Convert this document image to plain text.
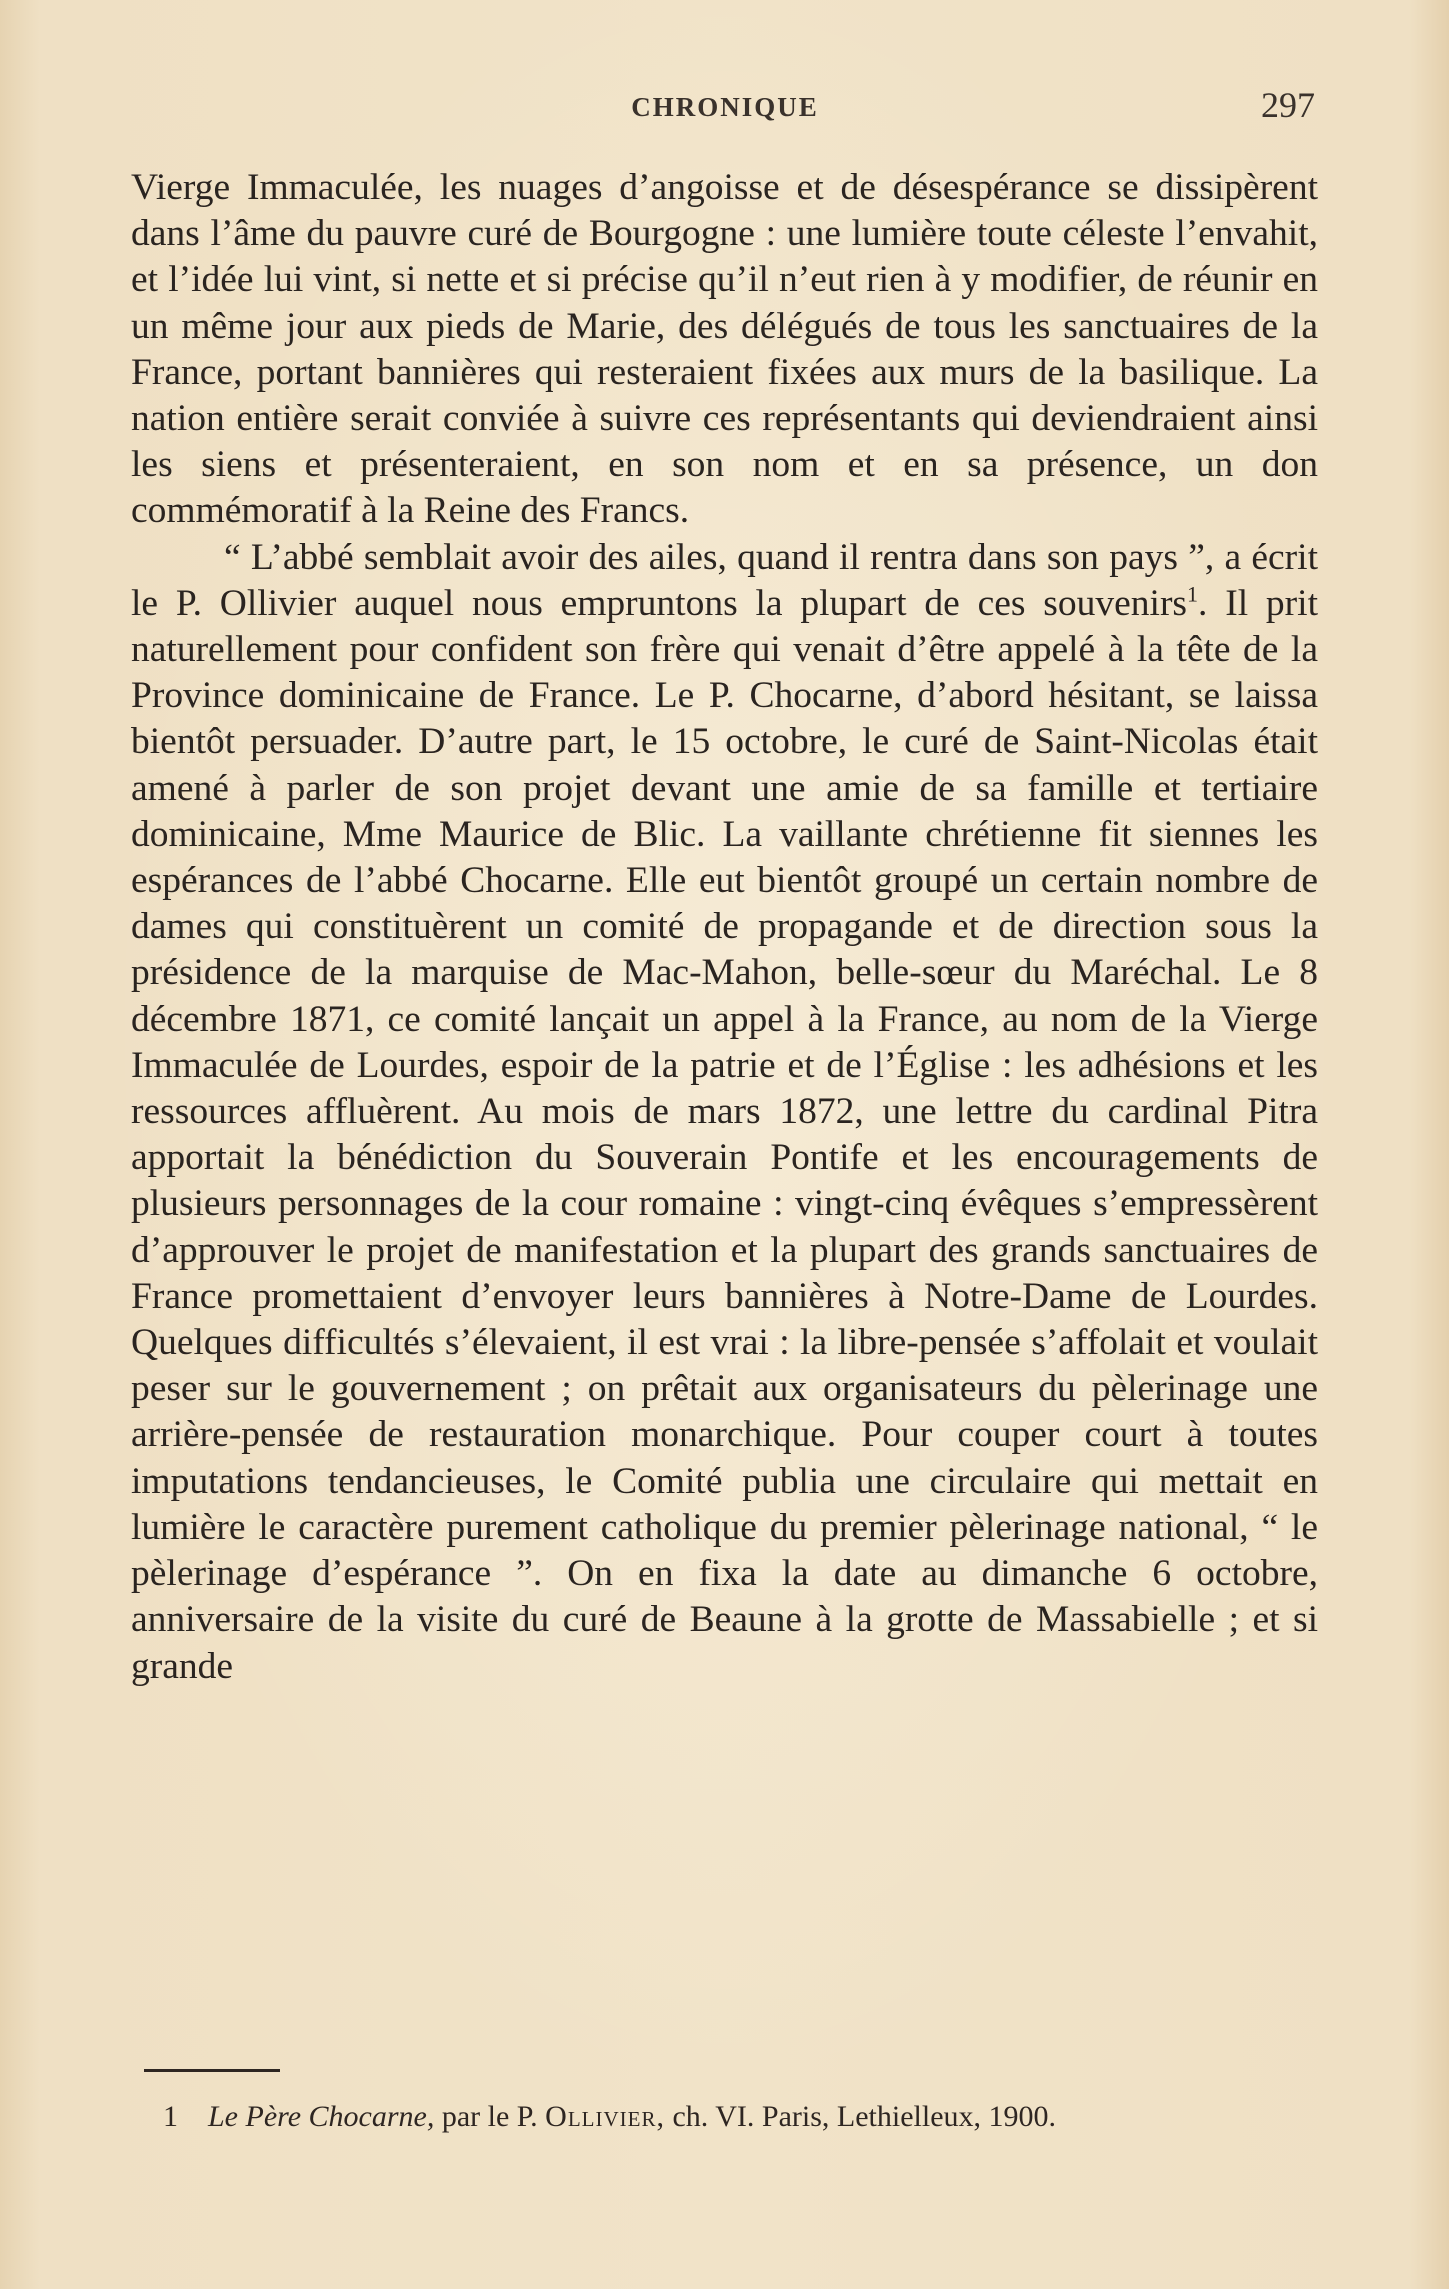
CHRONIQUE	297

Vierge Immaculée, les nuages d’angoisse et de désespérance se dissipèrent dans l’âme du pauvre curé de Bourgogne : une lumière toute céleste l’envahit, et l’idée lui vint, si nette et si précise qu’il n’eut rien à y modifier, de réunir en un même jour aux pieds de Marie, des délégués de tous les sanctuaires de la France, portant bannières qui resteraient fixées aux murs de la basilique. La nation entière serait conviée à suivre ces représentants qui deviendraient ainsi les siens et présenteraient, en son nom et en sa présence, un don commémoratif à la Reine des Francs.

“ L’abbé semblait avoir des ailes, quand il rentra dans son pays ”, a écrit le P. Ollivier auquel nous empruntons la plupart de ces souvenirs$^1$. Il prit naturellement pour confident son frère qui venait d’être appelé à la tête de la Province dominicaine de France. Le P. Chocarne, d’abord hésitant, se laissa bientôt persuader. D’autre part, le 15 octobre, le curé de Saint-Nicolas était amené à parler de son projet devant une amie de sa famille et tertiaire dominicaine, Mme Maurice de Blic. La vaillante chrétienne fit siennes les espérances de l’abbé Chocarne. Elle eut bientôt groupé un certain nombre de dames qui constituèrent un comité de propagande et de direction sous la présidence de la marquise de Mac-Mahon, belle-sœur du Maréchal. Le 8 décembre 1871, ce comité lançait un appel à la France, au nom de la Vierge Immaculée de Lourdes, espoir de la patrie et de l’Église : les adhésions et les ressources affluèrent. Au mois de mars 1872, une lettre du cardinal Pitra apportait la bénédiction du Souverain Pontife et les encouragements de plusieurs personnages de la cour romaine : vingt-cinq évêques s’empressèrent d’approuver le projet de manifestation et la plupart des grands sanctuaires de France promettaient d’envoyer leurs bannières à Notre-Dame de Lourdes. Quelques difficultés s’élevaient, il est vrai : la libre-pensée s’affolait et voulait peser sur le gouvernement ; on prêtait aux organisateurs du pèlerinage une arrière-pensée de restauration monarchique. Pour couper court à toutes imputations tendancieuses, le Comité publia une circulaire qui mettait en lumière le caractère purement catholique du premier pèlerinage national, “ le pèlerinage d’espérance ”. On en fixa la date au dimanche 6 octobre, anniversaire de la visite du curé de Beaune à la grotte de Massabielle ; et si grande

1 Le Père Chocarne, par le P. Ollivier, ch. VI. Paris, Lethielleux, 1900.
